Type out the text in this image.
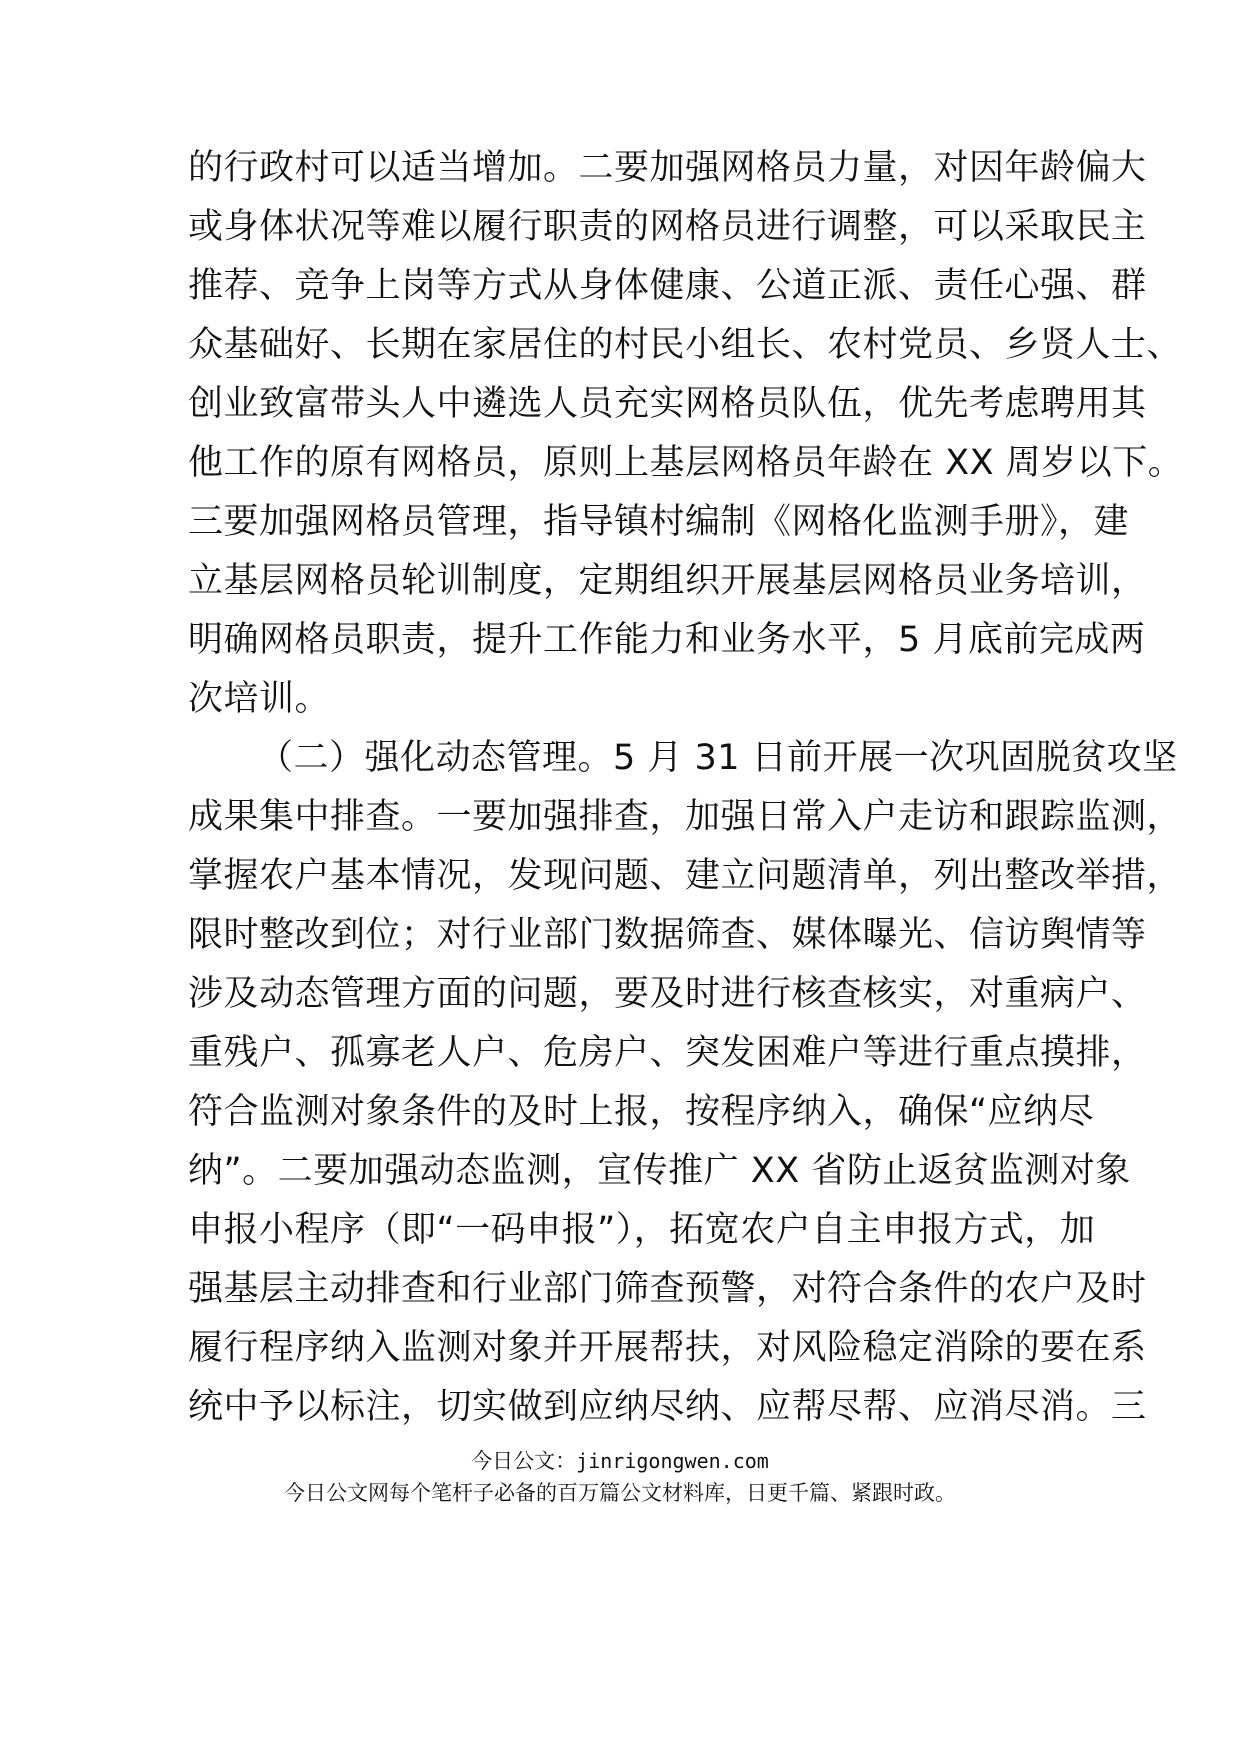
的行政村可以适当增加。二要加强网格员力量，对因年龄偏大
或身体状况等难以履行职责的网格员进行调整，可以采取民主
推荐、竞争上岗等方式从身体健康、公道正派、责任心强、群
众基础好、长期在家居住的村民小组长、农村党员、乡贤人士、
创业致富带头人中遴选人员充实网格员队伍，优先考虑聘用其
他工作的原有网格员，原则上基层网格员年龄在 XX 周岁以下。
三要加强网格员管理，指导镇村编制《网格化监测手册》，建
立基层网格员轮训制度，定期组织开展基层网格员业务培训，
明确网格员职责，提升工作能力和业务水平，5 月底前完成两
次培训。
（二）强化动态管理。5 月 31 日前开展一次巩固脱贫攻坚
成果集中排查。一要加强排查，加强日常入户走访和跟踪监测，
掌握农户基本情况，发现问题、建立问题清单，列出整改举措，
限时整改到位；对行业部门数据筛查、媒体曝光、信访舆情等
涉及动态管理方面的问题，要及时进行核查核实，对重病户、
重残户、孤寡老人户、危房户、突发困难户等进行重点摸排，
符合监测对象条件的及时上报，按程序纳入，确保“应纳尽
纳”。二要加强动态监测，宣传推广 XX 省防止返贫监测对象
申报小程序（即“一码申报”），拓宽农户自主申报方式，加
强基层主动排查和行业部门筛查预警，对符合条件的农户及时
履行程序纳入监测对象并开展帮扶，对风险稳定消除的要在系
统中予以标注，切实做到应纳尽纳、应帮尽帮、应消尽消。三
今日公文：jinrigongwen.com
今日公文网每个笔杆子必备的百万篇公文材料库，日更千篇、紧跟时政。
